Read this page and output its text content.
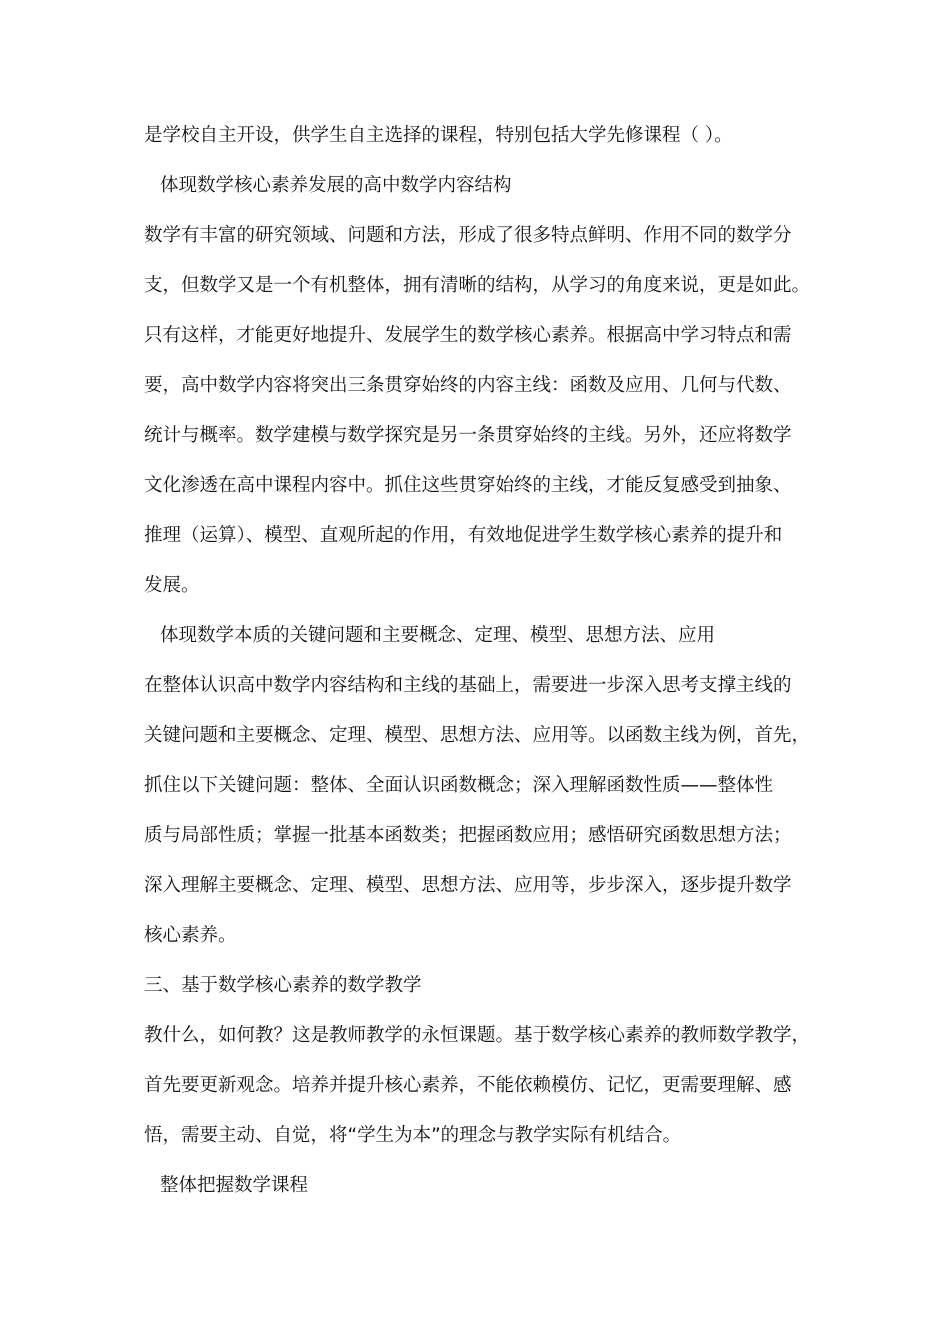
是学校自主开设，供学生自主选择的课程，特别包括大学先修课程（ ）。
体现数学核心素养发展的高中数学内容结构
数学有丰富的研究领域、问题和方法，形成了很多特点鲜明、作用不同的数学分
支，但数学又是一个有机整体，拥有清晰的结构，从学习的角度来说，更是如此。
只有这样，才能更好地提升、发展学生的数学核心素养。根据高中学习特点和需
要，高中数学内容将突出三条贯穿始终的内容主线：函数及应用、几何与代数、
统计与概率。数学建模与数学探究是另一条贯穿始终的主线。另外，还应将数学
文化渗透在高中课程内容中。抓住这些贯穿始终的主线，才能反复感受到抽象、
推理（运算）、模型、直观所起的作用，有效地促进学生数学核心素养的提升和
发展。
体现数学本质的关键问题和主要概念、定理、模型、思想方法、应用
在整体认识高中数学内容结构和主线的基础上，需要进一步深入思考支撑主线的
关键问题和主要概念、定理、模型、思想方法、应用等。以函数主线为例，首先，
抓住以下关键问题：整体、全面认识函数概念；深入理解函数性质——整体性
质与局部性质；掌握一批基本函数类；把握函数应用；感悟研究函数思想方法；
深入理解主要概念、定理、模型、思想方法、应用等，步步深入，逐步提升数学
核心素养。
三、基于数学核心素养的数学教学
教什么，如何教？这是教师教学的永恒课题。基于数学核心素养的教师数学教学，
首先要更新观念。培养并提升核心素养，不能依赖模仿、记忆，更需要理解、感
悟，需要主动、自觉，将“学生为本”的理念与教学实际有机结合。
整体把握数学课程
